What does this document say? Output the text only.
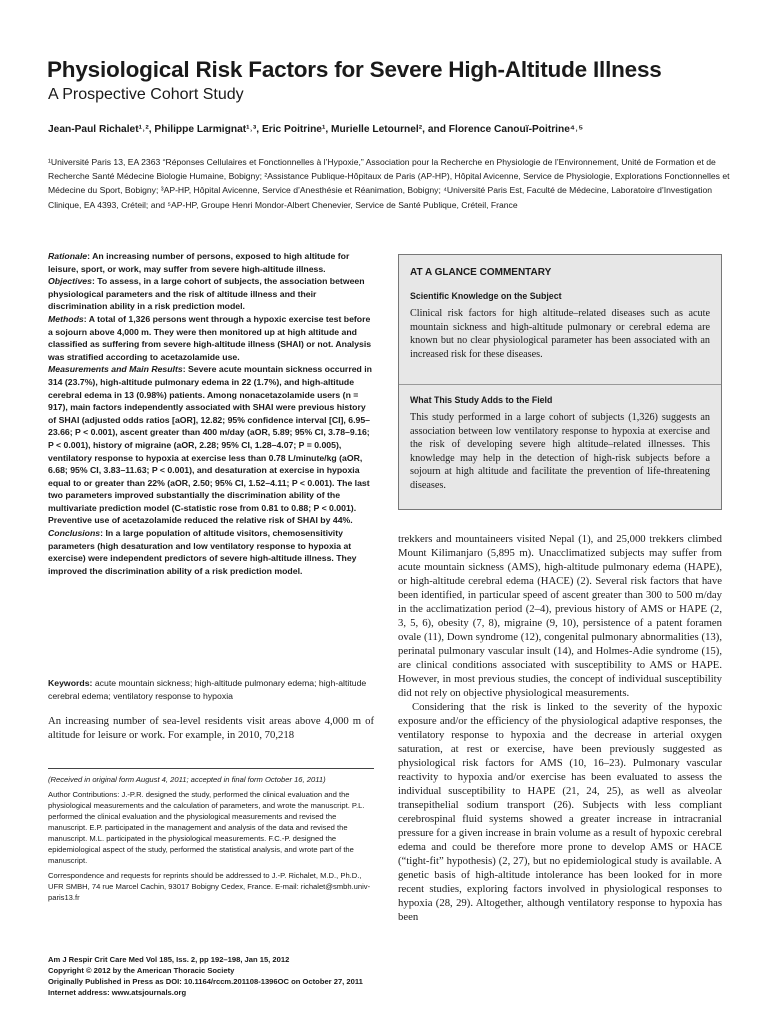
Physiological Risk Factors for Severe High-Altitude Illness
A Prospective Cohort Study
Jean-Paul Richalet¹˒², Philippe Larmignat¹˒³, Eric Poitrine¹, Murielle Letournel², and Florence Canouï-Poitrine⁴˒⁵
¹Université Paris 13, EA 2363 “Réponses Cellulaires et Fonctionnelles à l’Hypoxie,” Association pour la Recherche en Physiologie de l’Environnement, Unité de Formation et de Recherche Santé Médecine Biologie Humaine, Bobigny; ²Assistance Publique-Hôpitaux de Paris (AP-HP), Hôpital Avicenne, Service de Physiologie, Explorations Fonctionnelles et Médecine du Sport, Bobigny; ³AP-HP, Hôpital Avicenne, Service d’Anesthésie et Réanimation, Bobigny; ⁴Université Paris Est, Faculté de Médecine, Laboratoire d’Investigation Clinique, EA 4393, Créteil; and ⁵AP-HP, Groupe Henri Mondor-Albert Chenevier, Service de Santé Publique, Créteil, France

Rationale: An increasing number of persons, exposed to high altitude for leisure, sport, or work, may suffer from severe high-altitude illness.

Objectives: To assess, in a large cohort of subjects, the association between physiological parameters and the risk of altitude illness and their discrimination ability in a risk prediction model.

Methods: A total of 1,326 persons went through a hypoxic exercise test before a sojourn above 4,000 m. They were then monitored up at high altitude and classified as suffering from severe high-altitude illness (SHAI) or not. Analysis was stratified according to acetazolamide use.

Measurements and Main Results: Severe acute mountain sickness occurred in 314 (23.7%), high-altitude pulmonary edema in 22 (1.7%), and high-altitude cerebral edema in 13 (0.98%) patients. Among nonacetazolamide users (n = 917), main factors independently associated with SHAI were previous history of SHAI (adjusted odds ratios [aOR], 12.82; 95% confidence interval [CI], 6.95–23.66; P < 0.001), ascent greater than 400 m/day (aOR, 5.89; 95% CI, 3.78–9.16; P < 0.001), history of migraine (aOR, 2.28; 95% CI, 1.28–4.07; P = 0.005), ventilatory response to hypoxia at exercise less than 0.78 L/minute/kg (aOR, 6.68; 95% CI, 3.83–11.63; P < 0.001), and desaturation at exercise in hypoxia equal to or greater than 22% (aOR, 2.50; 95% CI, 1.52–4.11; P < 0.001). The last two parameters improved substantially the discrimination ability of the multivariate prediction model (C-statistic rose from 0.81 to 0.88; P < 0.001). Preventive use of acetazolamide reduced the relative risk of SHAI by 44%.

Conclusions: In a large population of altitude visitors, chemosensitivity parameters (high desaturation and low ventilatory response to hypoxia at exercise) were independent predictors of severe high-altitude illness. They improved the discrimination ability of a risk prediction model.

Keywords: acute mountain sickness; high-altitude pulmonary edema; high-altitude cerebral edema; ventilatory response to hypoxia
An increasing number of sea-level residents visit areas above 4,000 m of altitude for leisure or work. For example, in 2010, 70,218

(Received in original form August 4, 2011; accepted in final form October 16, 2011)

Author Contributions: J.-P.R. designed the study, performed the clinical evaluation and the physiological measurements and the calculation of parameters, and wrote the manuscript. P.L. performed the clinical evaluation and the physiological measurements and revised the manuscript. E.P. participated in the management and analysis of the data and revised the manuscript. M.L. participated in the physiological measurements. F.C.-P. designed the epidemiological aspect of the study, performed the statistical analysis, and wrote part of the manuscript.

Correspondence and requests for reprints should be addressed to J.-P. Richalet, M.D., Ph.D., UFR SMBH, 74 rue Marcel Cachin, 93017 Bobigny Cedex, France. E-mail: richalet@smbh.univ-paris13.fr

Am J Respir Crit Care Med Vol 185, Iss. 2, pp 192–198, Jan 15, 2012
Copyright © 2012 by the American Thoracic Society
Originally Published in Press as DOI: 10.1164/rccm.201108-1396OC on October 27, 2011
Internet address: www.atsjournals.org
AT A GLANCE COMMENTARY
Scientific Knowledge on the Subject
Clinical risk factors for high altitude–related diseases such as acute mountain sickness and high-altitude pulmonary or cerebral edema are known but no clear physiological parameter has been associated with an increased risk for these diseases.
What This Study Adds to the Field
This study performed in a large cohort of subjects (1,326) suggests an association between low ventilatory response to hypoxia at exercise and the risk of developing severe high altitude–related illnesses. This knowledge may help in the detection of high-risk subjects before a sojourn at high altitude and facilitate the prevention of life-threatening diseases.

trekkers and mountaineers visited Nepal (1), and 25,000 trekkers climbed Mount Kilimanjaro (5,895 m). Unacclimatized subjects may suffer from acute mountain sickness (AMS), high-altitude pulmonary edema (HAPE), or high-altitude cerebral edema (HACE) (2). Several risk factors that have been identified, in particular speed of ascent greater than 300 to 500 m/day in the acclimatization period (2–4), previous history of AMS or HAPE (2, 3, 5, 6), obesity (7, 8), migraine (9, 10), persistence of a patent foramen ovale (11), Down syndrome (12), congenital pulmonary abnormalities (13), perinatal pulmonary vascular insult (14), and Holmes-Adie syndrome (15), are clinical conditions associated with susceptibility to AMS or HAPE. However, in most previous studies, the concept of individual susceptibility did not rely on objective physiological measurements.

Considering that the risk is linked to the severity of the hypoxic exposure and/or the efficiency of the physiological adaptive responses, the ventilatory response to hypoxia and the decrease in arterial oxygen saturation, at rest or exercise, have been previously suggested as physiological risk factors for AMS (10, 16–23). Pulmonary vascular reactivity to hypoxia and/or exercise has been evaluated to assess the individual susceptibility to HAPE (21, 24, 25), as well as alveolar transepithelial sodium transport (26). Subjects with less compliant cerebrospinal fluid systems showed a greater increase in intracranial pressure for a given increase in brain volume as a result of hypoxic cerebral edema and could be therefore more prone to develop AMS or HACE (“tight-fit” hypothesis) (2, 27), but no epidemiological study is available. A genetic basis of high-altitude intolerance has been looked for in more recent studies, exploring factors involved in physiological responses to hypoxia (28, 29). Altogether, although ventilatory response to hypoxia has been
